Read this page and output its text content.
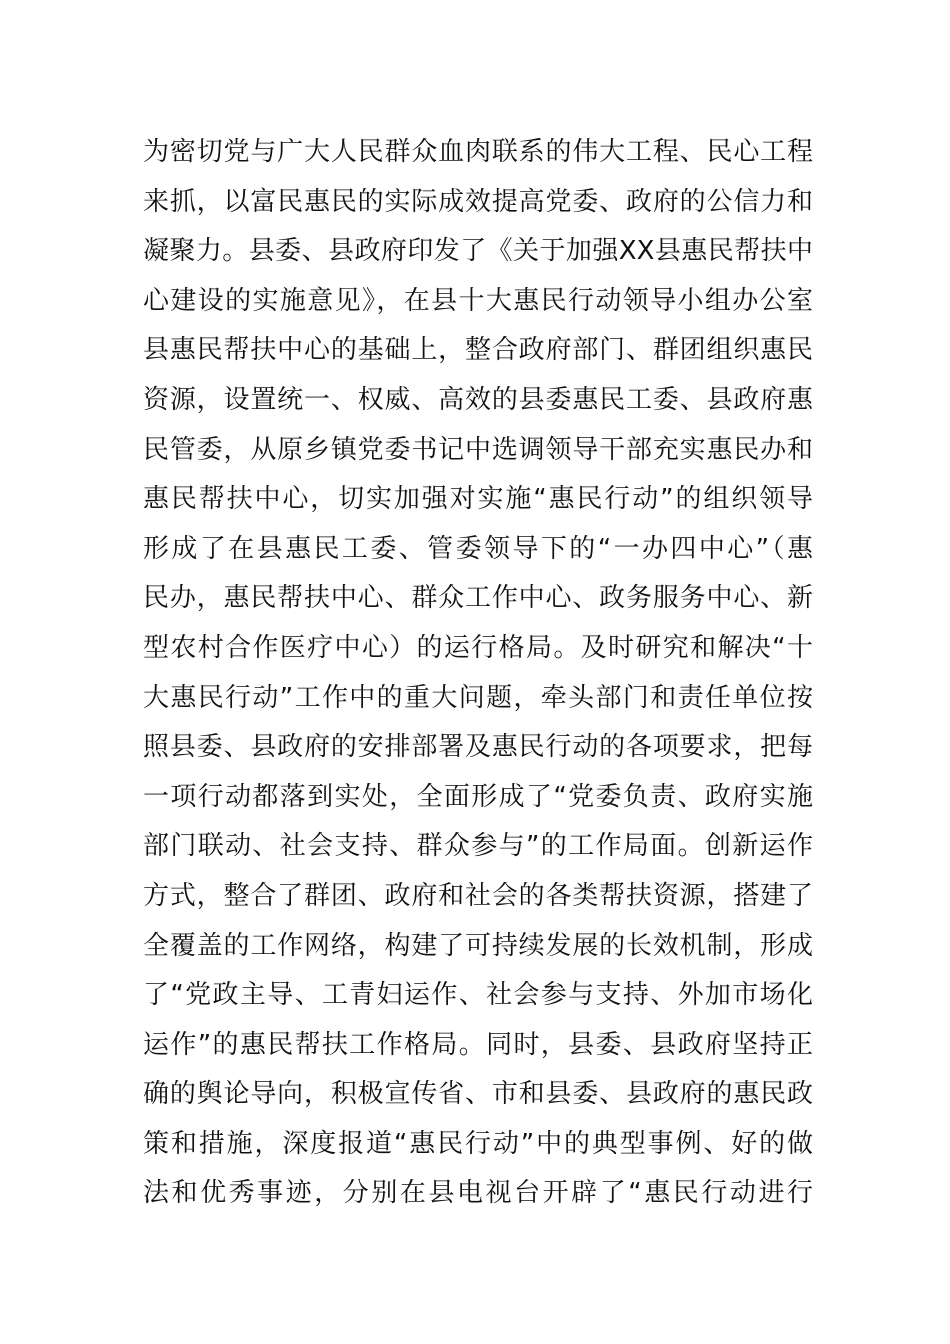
为密切党与广大人民群众血肉联系的伟大工程、民心工程
来抓，以富民惠民的实际成效提高党委、政府的公信力和
凝聚力。县委、县政府印发了《关于加强XX县惠民帮扶中
心建设的实施意见》，在县十大惠民行动领导小组办公室
县惠民帮扶中心的基础上，整合政府部门、群团组织惠民
资源，设置统一、权威、高效的县委惠民工委、县政府惠
民管委，从原乡镇党委书记中选调领导干部充实惠民办和
惠民帮扶中心，切实加强对实施“惠民行动”的组织领导
形成了在县惠民工委、管委领导下的“一办四中心”（惠
民办，惠民帮扶中心、群众工作中心、政务服务中心、新
型农村合作医疗中心）的运行格局。及时研究和解决“十
大惠民行动”工作中的重大问题，牵头部门和责任单位按
照县委、县政府的安排部署及惠民行动的各项要求，把每
一项行动都落到实处，全面形成了“党委负责、政府实施
部门联动、社会支持、群众参与”的工作局面。创新运作
方式，整合了群团、政府和社会的各类帮扶资源，搭建了
全覆盖的工作网络，构建了可持续发展的长效机制，形成
了“党政主导、工青妇运作、社会参与支持、外加市场化
运作”的惠民帮扶工作格局。同时，县委、县政府坚持正
确的舆论导向，积极宣传省、市和县委、县政府的惠民政
策和措施，深度报道“惠民行动”中的典型事例、好的做
法和优秀事迹，分别在县电视台开辟了“惠民行动进行
